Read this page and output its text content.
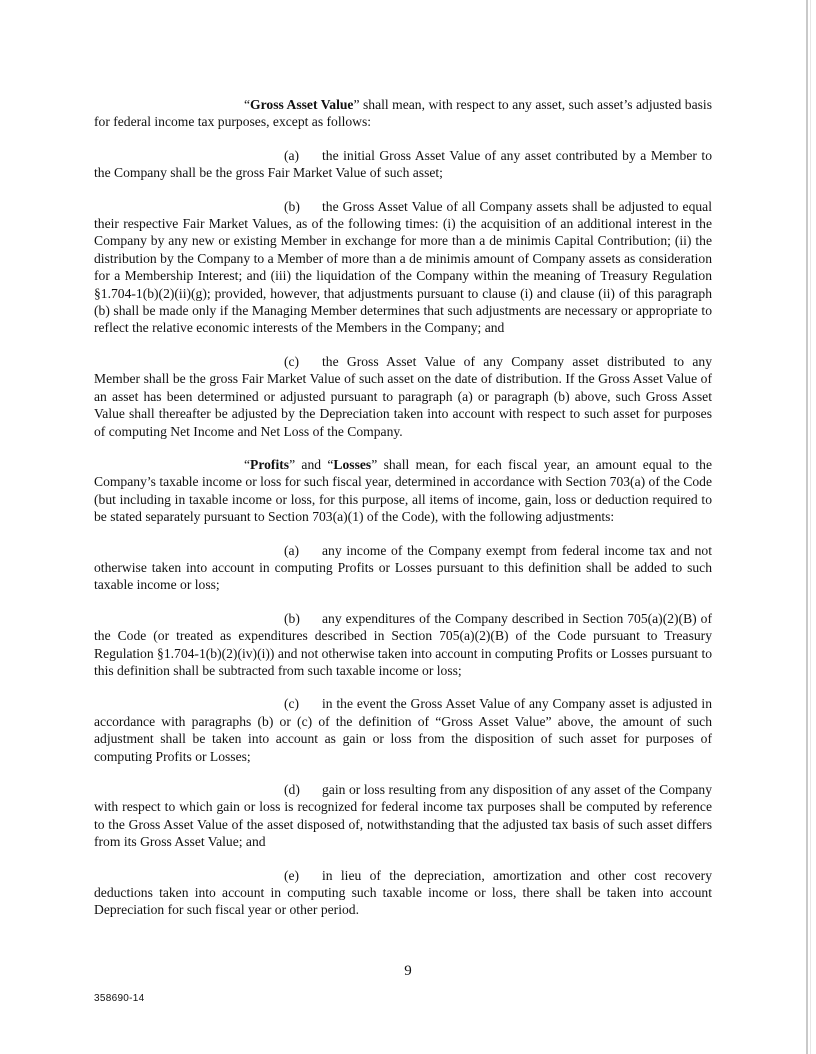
“Gross Asset Value” shall mean, with respect to any asset, such asset’s adjusted basis for federal income tax purposes, except as follows:

(a) the initial Gross Asset Value of any asset contributed by a Member to the Company shall be the gross Fair Market Value of such asset;

(b) the Gross Asset Value of all Company assets shall be adjusted to equal their respective Fair Market Values, as of the following times: (i) the acquisition of an additional interest in the Company by any new or existing Member in exchange for more than a de minimis Capital Contribution; (ii) the distribution by the Company to a Member of more than a de minimis amount of Company assets as consideration for a Membership Interest; and (iii) the liquidation of the Company within the meaning of Treasury Regulation §1.704-1(b)(2)(ii)(g); provided, however, that adjustments pursuant to clause (i) and clause (ii) of this paragraph (b) shall be made only if the Managing Member determines that such adjustments are necessary or appropriate to reflect the relative economic interests of the Members in the Company; and

(c) the Gross Asset Value of any Company asset distributed to any Member shall be the gross Fair Market Value of such asset on the date of distribution. If the Gross Asset Value of an asset has been determined or adjusted pursuant to paragraph (a) or paragraph (b) above, such Gross Asset Value shall thereafter be adjusted by the Depreciation taken into account with respect to such asset for purposes of computing Net Income and Net Loss of the Company.

“Profits” and “Losses” shall mean, for each fiscal year, an amount equal to the Company’s taxable income or loss for such fiscal year, determined in accordance with Section 703(a) of the Code (but including in taxable income or loss, for this purpose, all items of income, gain, loss or deduction required to be stated separately pursuant to Section 703(a)(1) of the Code), with the following adjustments:

(a) any income of the Company exempt from federal income tax and not otherwise taken into account in computing Profits or Losses pursuant to this definition shall be added to such taxable income or loss;

(b) any expenditures of the Company described in Section 705(a)(2)(B) of the Code (or treated as expenditures described in Section 705(a)(2)(B) of the Code pursuant to Treasury Regulation §1.704-1(b)(2)(iv)(i)) and not otherwise taken into account in computing Profits or Losses pursuant to this definition shall be subtracted from such taxable income or loss;

(c) in the event the Gross Asset Value of any Company asset is adjusted in accordance with paragraphs (b) or (c) of the definition of “Gross Asset Value” above, the amount of such adjustment shall be taken into account as gain or loss from the disposition of such asset for purposes of computing Profits or Losses;

(d) gain or loss resulting from any disposition of any asset of the Company with respect to which gain or loss is recognized for federal income tax purposes shall be computed by reference to the Gross Asset Value of the asset disposed of, notwithstanding that the adjusted tax basis of such asset differs from its Gross Asset Value; and

(e) in lieu of the depreciation, amortization and other cost recovery deductions taken into account in computing such taxable income or loss, there shall be taken into account Depreciation for such fiscal year or other period.

9
358690-14
